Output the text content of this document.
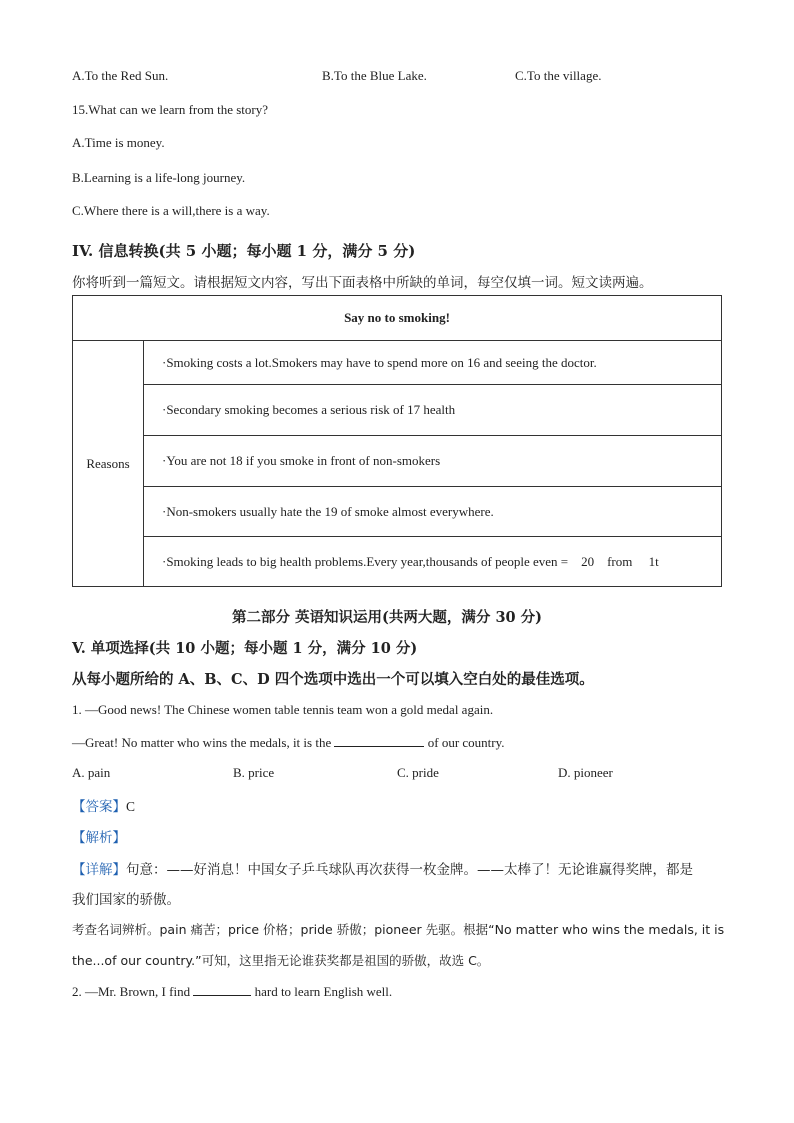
A.To the Red Sun.	B.To the Blue Lake.	C.To the village.
15.What can we learn from the story?
A.Time is money.
B.Learning is a life-long journey.
C.Where there is a will,there is a way.
IV. 信息转换(共 5 小题；每小题 1 分，满分 5 分)
你将听到一篇短文。请根据短文内容，写出下面表格中所缺的单词，每空仅填一词。短文读两遍。
Say no to smoking!
Reasons	·Smoking costs a lot.Smokers may have to spend more on 16 and seeing the doctor.
·Secondary smoking becomes a serious risk of 17 health
·You are not 18 if you smoke in front of non-smokers
·Non-smokers usually hate the 19 of smoke almost everywhere.
·Smoking leads to big health problems.Every year,thousands of people even =    20    from     1t
第二部分 英语知识运用(共两大题，满分 30 分)
V. 单项选择(共 10 小题；每小题 1 分，满分 10 分)
从每小题所给的 A、B、C、D 四个选项中选出一个可以填入空白处的最佳选项。
1. —Good news! The Chinese women table tennis team won a gold medal again.
—Great! No matter who wins the medals, it is the	of our country.
A. pain	B. price	C. pride	D. pioneer
【答案】C
【解析】
【详解】句意：——好消息！中国女子乒乓球队再次获得一枚金牌。——太棒了！无论谁赢得奖牌，都是
我们国家的骄傲。
考查名词辨析。pain 痛苦；price 价格；pride 骄傲；pioneer 先驱。根据“No matter who wins the medals, it is
the...of our country.”可知，这里指无论谁获奖都是祖国的骄傲，故选 C。
2. —Mr. Brown, I find	hard to learn English well.
